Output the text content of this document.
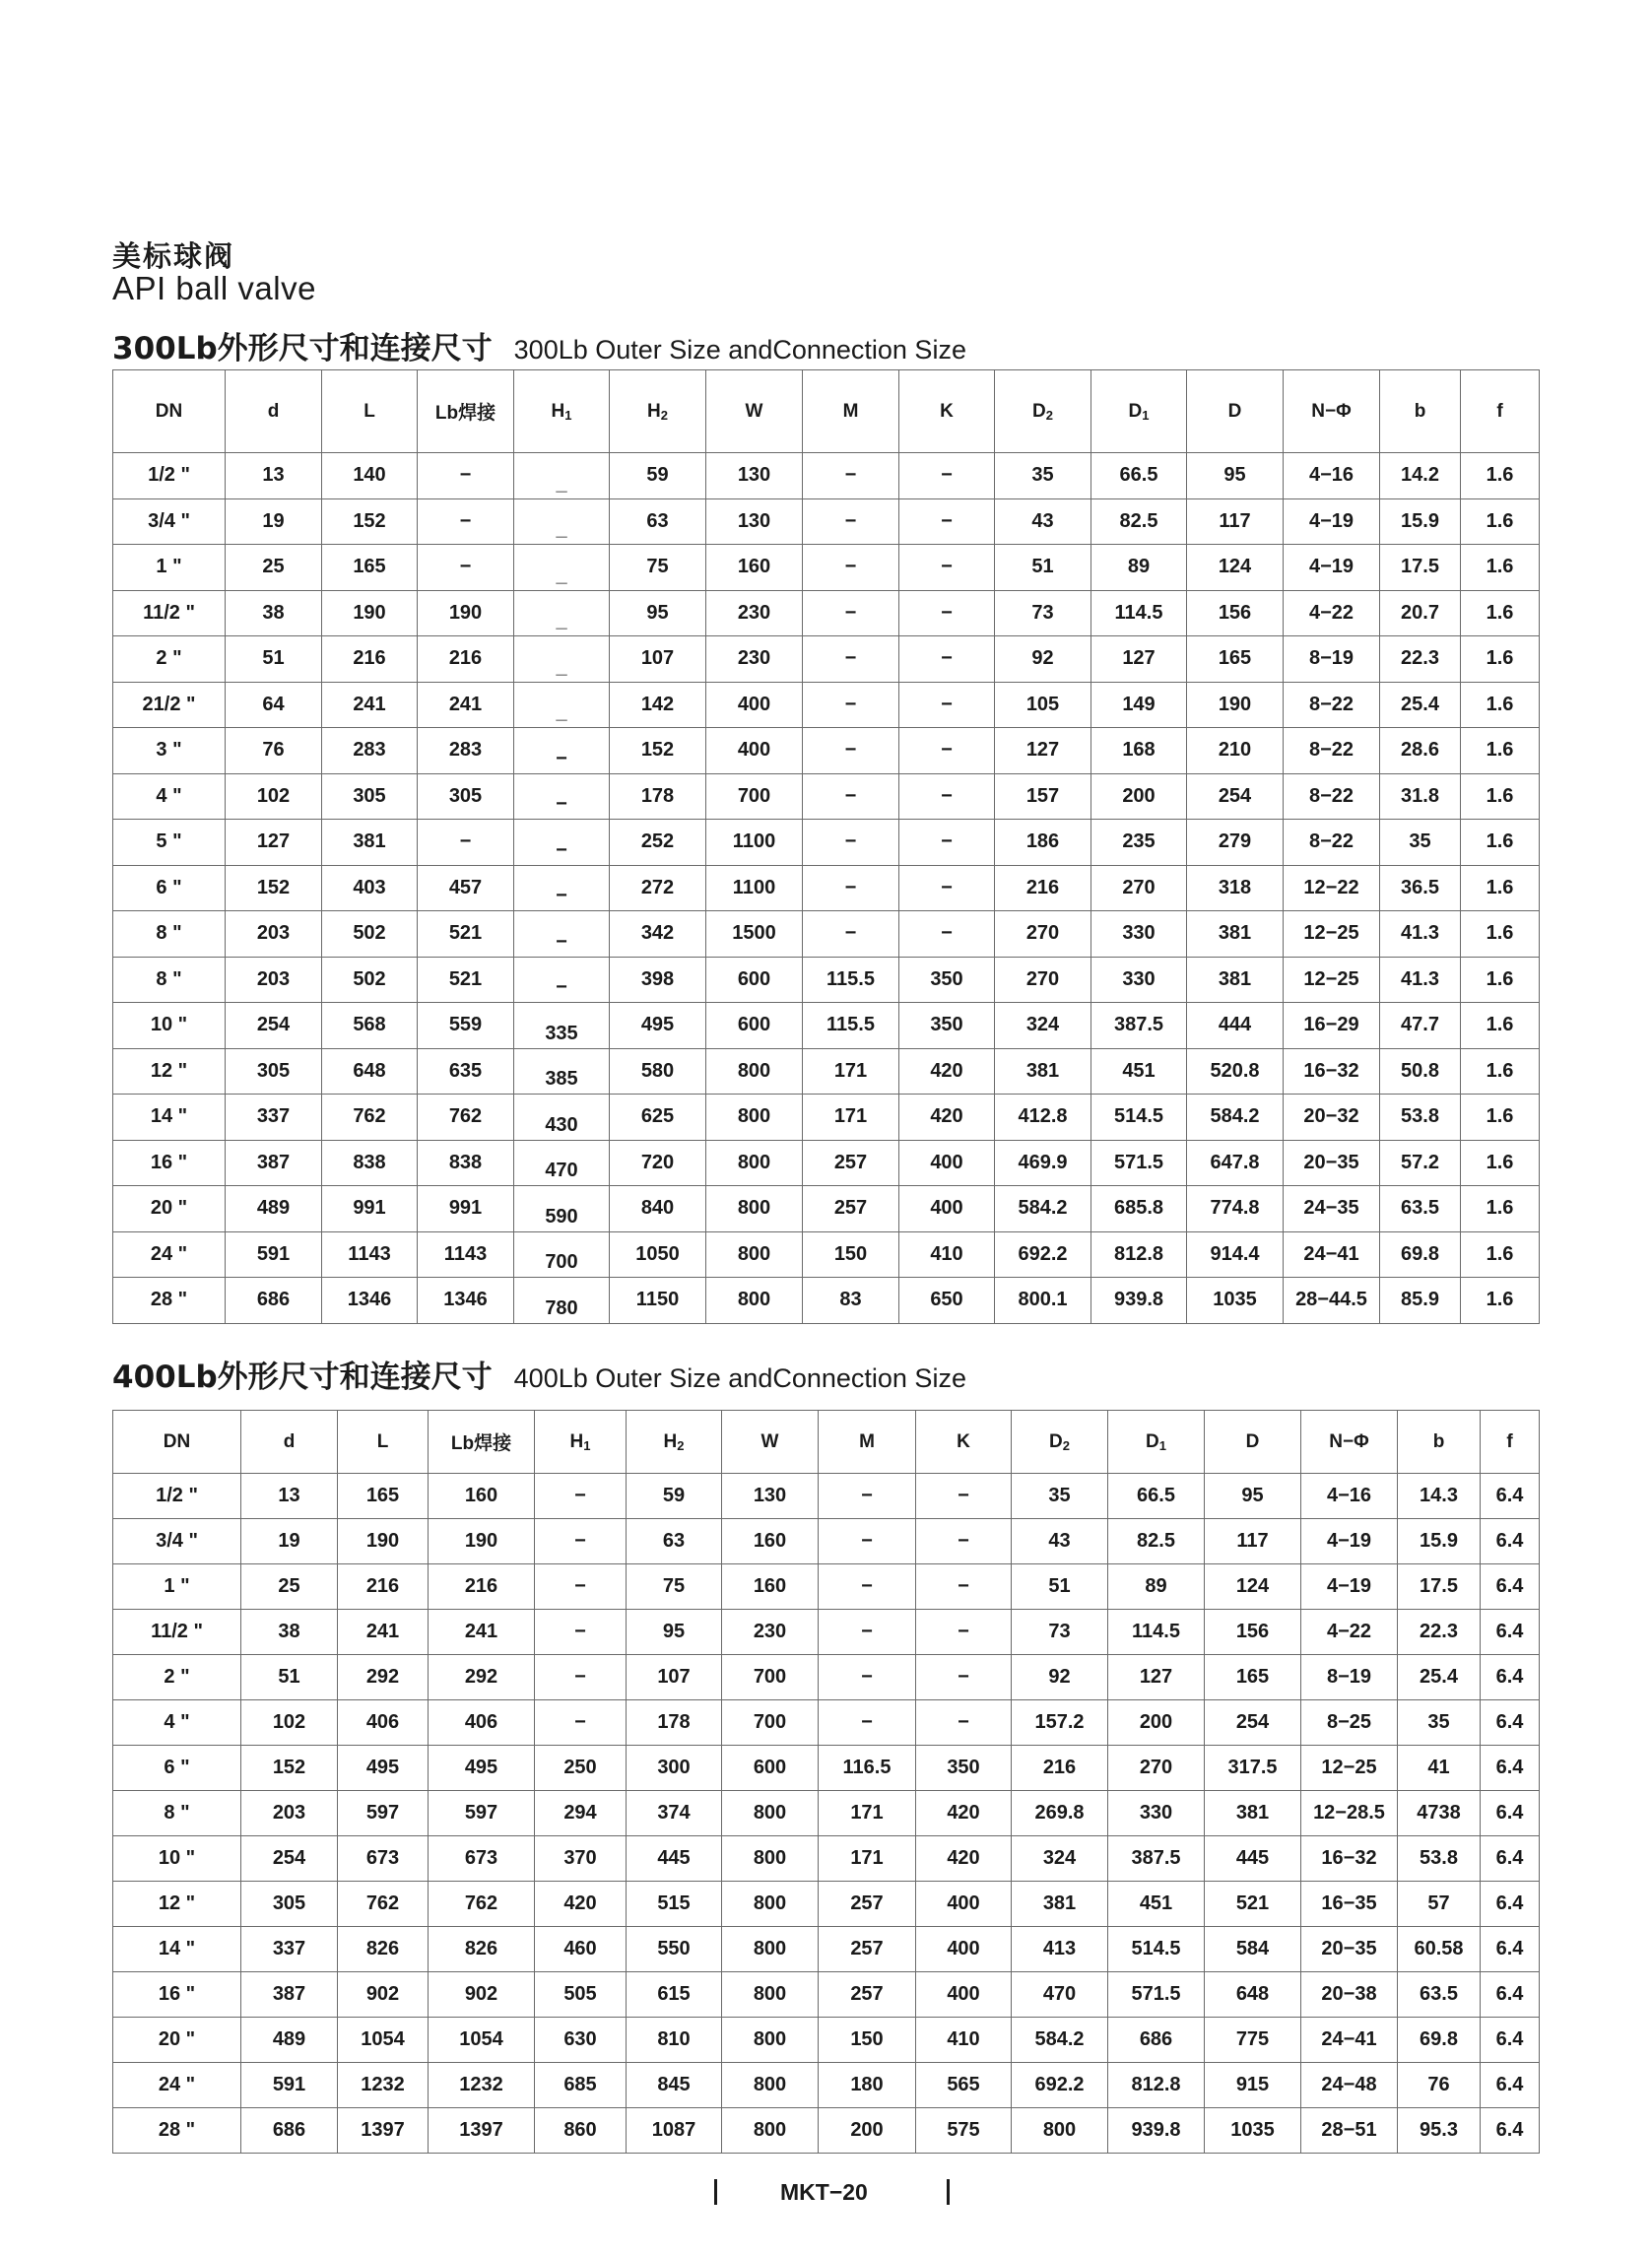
美标球阀
API ball valve
300Lb外形尺寸和连接尺寸 300Lb Outer Size andConnection Size
DN	d	L	Lb焊接	$H_1$	$H_2$	W	M	K	$D_2$	$D_1$	D	N−Φ	b	f
1/2 "	13	140	−	_	59	130	−	−	35	66.5	95	4−16	14.2	1.6
3/4 "	19	152	−	_	63	130	−	−	43	82.5	117	4−19	15.9	1.6
1 "	25	165	−	_	75	160	−	−	51	89	124	4−19	17.5	1.6
11/2 "	38	190	190	_	95	230	−	−	73	114.5	156	4−22	20.7	1.6
2 "	51	216	216	_	107	230	−	−	92	127	165	8−19	22.3	1.6
21/2 "	64	241	241	_	142	400	−	−	105	149	190	8−22	25.4	1.6
3 "	76	283	283	−	152	400	−	−	127	168	210	8−22	28.6	1.6
4 "	102	305	305	−	178	700	−	−	157	200	254	8−22	31.8	1.6
5 "	127	381	−	−	252	1100	−	−	186	235	279	8−22	35	1.6
6 "	152	403	457	−	272	1100	−	−	216	270	318	12−22	36.5	1.6
8 "	203	502	521	−	342	1500	−	−	270	330	381	12−25	41.3	1.6
8 "	203	502	521	−	398	600	115.5	350	270	330	381	12−25	41.3	1.6
10 "	254	568	559	335	495	600	115.5	350	324	387.5	444	16−29	47.7	1.6
12 "	305	648	635	385	580	800	171	420	381	451	520.8	16−32	50.8	1.6
14 "	337	762	762	430	625	800	171	420	412.8	514.5	584.2	20−32	53.8	1.6
16 "	387	838	838	470	720	800	257	400	469.9	571.5	647.8	20−35	57.2	1.6
20 "	489	991	991	590	840	800	257	400	584.2	685.8	774.8	24−35	63.5	1.6
24 "	591	1143	1143	700	1050	800	150	410	692.2	812.8	914.4	24−41	69.8	1.6
28 "	686	1346	1346	780	1150	800	83	650	800.1	939.8	1035	28−44.5	85.9	1.6
400Lb外形尺寸和连接尺寸 400Lb Outer Size andConnection Size
DN	d	L	Lb焊接	$H_1$	$H_2$	W	M	K	$D_2$	$D_1$	D	N−Φ	b	f
1/2 "	13	165	160	−	59	130	−	−	35	66.5	95	4−16	14.3	6.4
3/4 "	19	190	190	−	63	160	−	−	43	82.5	117	4−19	15.9	6.4
1 "	25	216	216	−	75	160	−	−	51	89	124	4−19	17.5	6.4
11/2 "	38	241	241	−	95	230	−	−	73	114.5	156	4−22	22.3	6.4
2 "	51	292	292	−	107	700	−	−	92	127	165	8−19	25.4	6.4
4 "	102	406	406	−	178	700	−	−	157.2	200	254	8−25	35	6.4
6 "	152	495	495	250	300	600	116.5	350	216	270	317.5	12−25	41	6.4
8 "	203	597	597	294	374	800	171	420	269.8	330	381	12−28.5	4738	6.4
10 "	254	673	673	370	445	800	171	420	324	387.5	445	16−32	53.8	6.4
12 "	305	762	762	420	515	800	257	400	381	451	521	16−35	57	6.4
14 "	337	826	826	460	550	800	257	400	413	514.5	584	20−35	60.58	6.4
16 "	387	902	902	505	615	800	257	400	470	571.5	648	20−38	63.5	6.4
20 "	489	1054	1054	630	810	800	150	410	584.2	686	775	24−41	69.8	6.4
24 "	591	1232	1232	685	845	800	180	565	692.2	812.8	915	24−48	76	6.4
28 "	686	1397	1397	860	1087	800	200	575	800	939.8	1035	28−51	95.3	6.4
MKT−20
